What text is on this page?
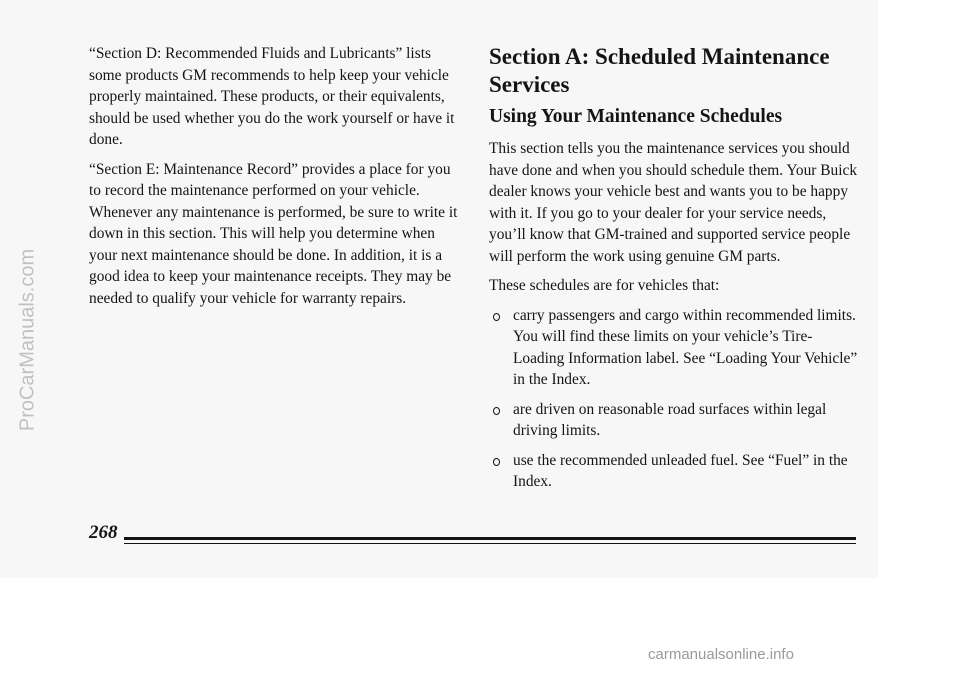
“Section D: Recommended Fluids and Lubricants” lists some products GM recommends to help keep your vehicle properly maintained. These products, or their equivalents, should be used whether you do the work yourself or have it done.

“Section E: Maintenance Record” provides a place for you to record the maintenance performed on your vehicle. Whenever any maintenance is performed, be sure to write it down in this section. This will help you determine when your next maintenance should be done. In addition, it is a good idea to keep your maintenance receipts. They may be needed to qualify your vehicle for warranty repairs.

Section A: Scheduled Maintenance Services
Using Your Maintenance Schedules

This section tells you the maintenance services you should have done and when you should schedule them. Your Buick dealer knows your vehicle best and wants you to be happy with it. If you go to your dealer for your service needs, you’ll know that GM-trained and supported service people will perform the work using genuine GM parts.

These schedules are for vehicles that:

carry passengers and cargo within recommended limits. You will find these limits on your vehicle’s Tire-Loading Information label. See “Loading Your Vehicle” in the Index.
are driven on reasonable road surfaces within legal driving limits.
use the recommended unleaded fuel. See “Fuel” in the Index.
268
ProCarManuals.com
carmanualsonline.info
